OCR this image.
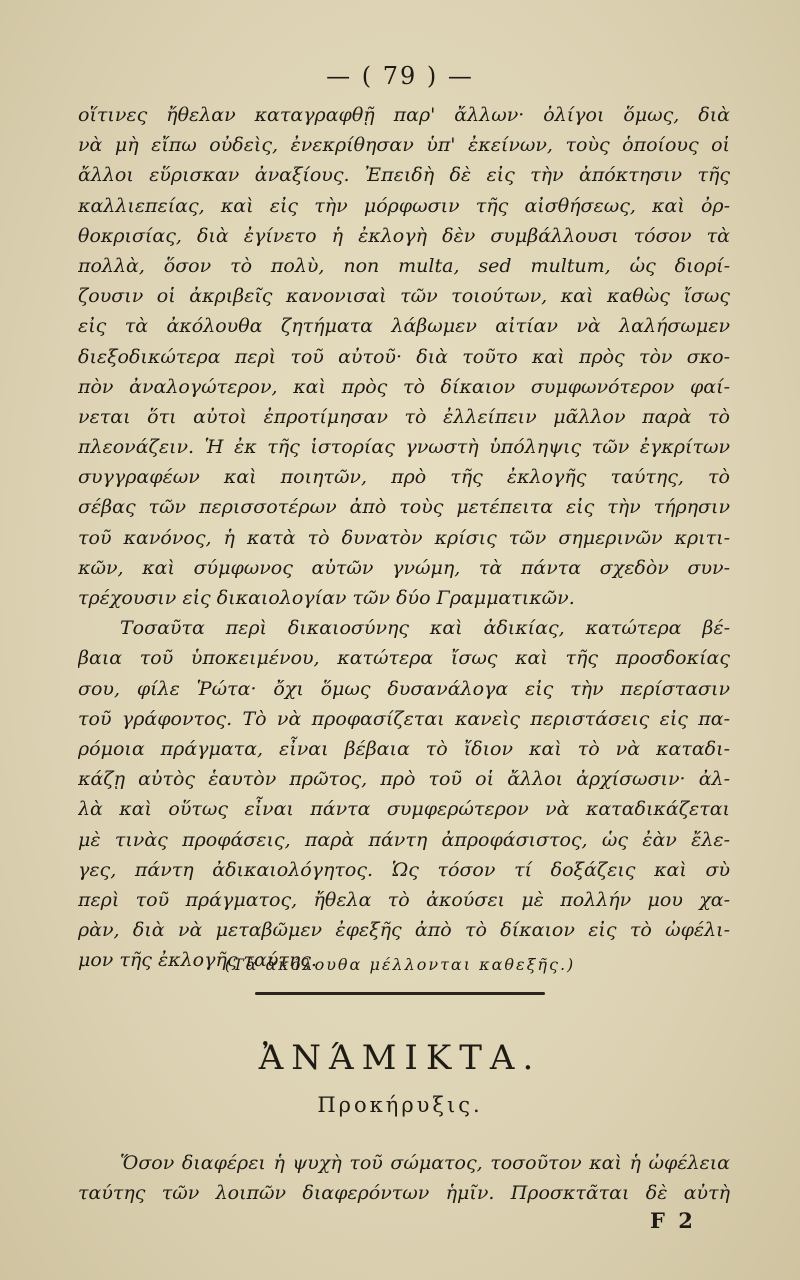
— ( 79 ) —
οἵτινες ἤθελαν καταγραφθῇ παρ' ἄλλων· ὀλίγοι ὅμως, διὰ
νὰ μὴ εἴπω οὐδεὶς, ἐνεκρίθησαν ὑπ' ἐκείνων, τοὺς ὁποίους οἱ
ἄλλοι εὕρισκαν ἀναξίους. Ἐπειδὴ δὲ εἰς τὴν ἀπόκτησιν τῆς
καλλιεπείας, καὶ εἰς τὴν μόρφωσιν τῆς αἰσθήσεως, καὶ ὀρ-
θοκρισίας, διὰ ἐγίνετο ἡ ἐκλογὴ δὲν συμβάλλουσι τόσον τὰ
πολλὰ, ὅσον τὸ πολὺ, non multa, sed multum, ὡς διορί-
ζουσιν οἱ ἀκριβεῖς κανονισαὶ τῶν τοιούτων, καὶ καθὼς ἴσως
εἰς τὰ ἀκόλουθα ζητήματα λάβωμεν αἰτίαν νὰ λαλήσωμεν
διεξοδικώτερα περὶ τοῦ αὐτοῦ· διὰ τοῦτο καὶ πρὸς τὸν σκο-
πὸν ἀναλογώτερον, καὶ πρὸς τὸ δίκαιον συμφωνότερον φαί-
νεται ὅτι αὐτοὶ ἐπροτίμησαν τὸ ἐλλείπειν μᾶλλον παρὰ τὸ
πλεονάζειν. Ἡ ἐκ τῆς ἱστορίας γνωστὴ ὑπόληψις τῶν ἐγκρίτων
συγγραφέων καὶ ποιητῶν, πρὸ τῆς ἐκλογῆς ταύτης, τὸ
σέβας τῶν περισσοτέρων ἀπὸ τοὺς μετέπειτα εἰς τὴν τήρησιν
τοῦ κανόνος, ἡ κατὰ τὸ δυνατὸν κρίσις τῶν σημερινῶν κριτι-
κῶν, καὶ σύμφωνος αὐτῶν γνώμη, τὰ πάντα σχεδὸν συν-
τρέχουσιν εἰς δικαιολογίαν τῶν δύο Γραμματικῶν.
Τοσαῦτα περὶ δικαιοσύνης καὶ ἀδικίας, κατώτερα βέ-
βαια τοῦ ὑποκειμένου, κατώτερα ἴσως καὶ τῆς προσδοκίας
σου, φίλε Ῥώτα· ὄχι ὅμως δυσανάλογα εἰς τὴν περίστασιν
τοῦ γράφοντος. Τὸ νὰ προφασίζεται κανεὶς περιστάσεις εἰς πα-
ρόμοια πράγματα, εἶναι βέβαια τὸ ἴδιον καὶ τὸ νὰ καταδι-
κάζῃ αὐτὸς ἑαυτὸν πρῶτος, πρὸ τοῦ οἱ ἄλλοι ἀρχίσωσιν· ἀλ-
λὰ καὶ οὕτως εἶναι πάντα συμφερώτερον νὰ καταδικάζεται
μὲ τινὰς προφάσεις, παρὰ πάντη ἀπροφάσιστος, ὡς ἐὰν ἔλε-
γες, πάντη ἀδικαιολόγητος. Ὡς τόσον τί δοξάζεις καὶ σὺ
περὶ τοῦ πράγματος, ἤθελα τὸ ἀκούσει μὲ πολλήν μου χα-
ρὰν, διὰ νὰ μεταβῶμεν ἐφεξῆς ἀπὸ τὸ δίκαιον εἰς τὸ ὠφέλι-
μον τῆς ἐκλογῆς ταύτης.
(Τὰ ἀκόλουθα μέλλονται καθεξῆς.)
ἈΝΆΜΙΚΤΑ.
Προκήρυξις.
Ὅσον διαφέρει ἡ ψυχὴ τοῦ σώματος, τοσοῦτον καὶ ἡ ὠφέλεια
ταύτης τῶν λοιπῶν διαφερόντων ἡμῖν. Προσκτᾶται δὲ αὐτὴ
F 2
